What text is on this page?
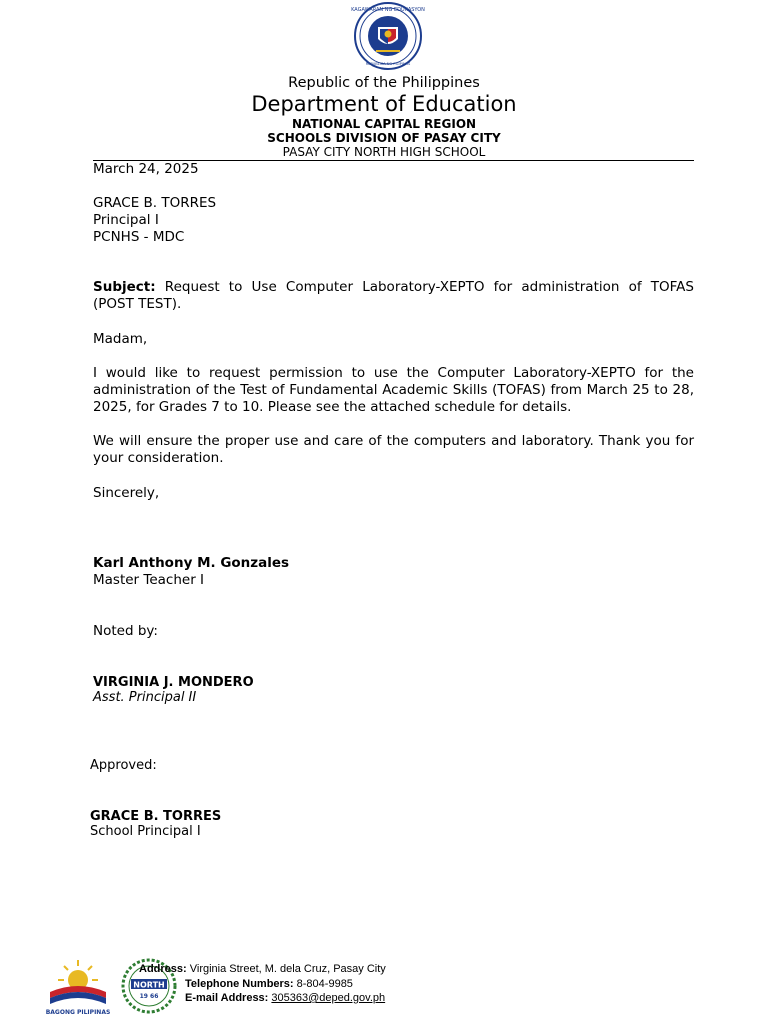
KAGAWARAN NG EDUKASYON
REPUBLIKA NG PILIPINAS
Republic of the Philippines
Department of Education
NATIONAL CAPITAL REGION
SCHOOLS DIVISION OF PASAY CITY
PASAY CITY NORTH HIGH SCHOOL
March 24, 2025
GRACE B. TORRES
Principal I
PCNHS - MDC
Subject: Request to Use Computer Laboratory-XEPTO for administration of TOFAS (POST TEST).
Madam,
I would like to request permission to use the Computer Laboratory-XEPTO for the administration of the Test of Fundamental Academic Skills (TOFAS) from March 25 to 28, 2025, for Grades 7 to 10. Please see the attached schedule for details.
We will ensure the proper use and care of the computers and laboratory. Thank you for your consideration.
Sincerely,
Karl Anthony M. Gonzales
Master Teacher I
Noted by:
VIRGINIA J. MONDERO
Asst. Principal II
Approved:
GRACE B. TORRES
School Principal I
BAGONG PILIPINAS
NORTH
19 66
Address: Virginia Street, M. dela Cruz, Pasay City
Telephone Numbers: 8-804-9985
E-mail Address: 305363@deped.gov.ph
